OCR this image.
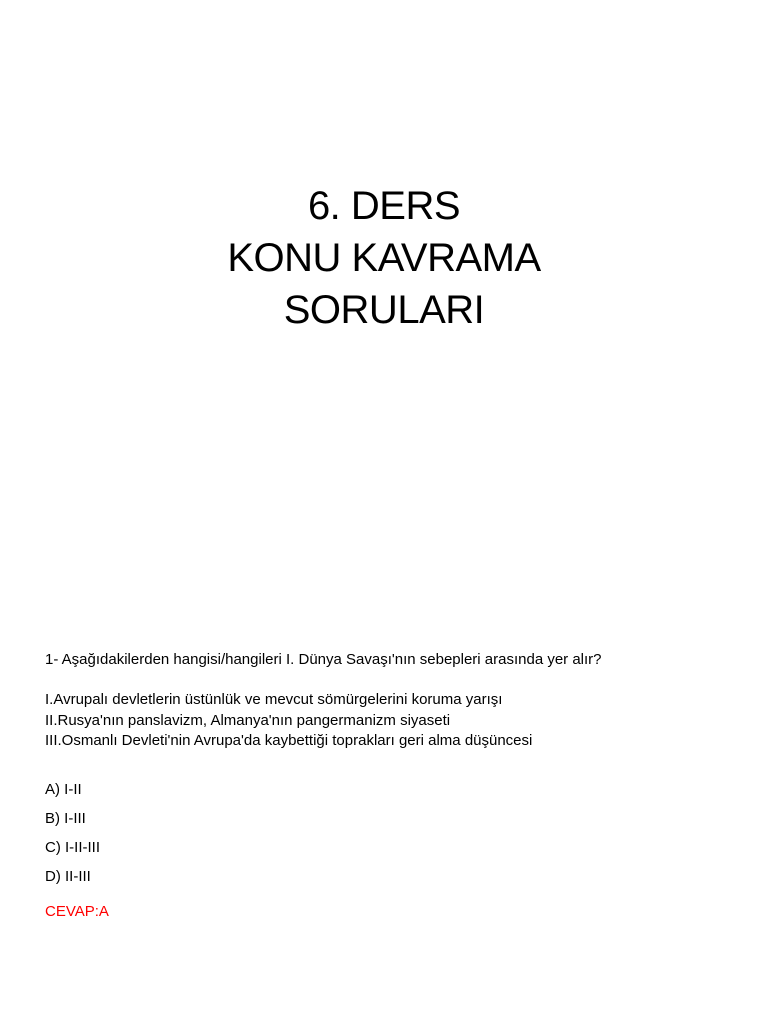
6. DERS
KONU KAVRAMA
SORULARI

1- Aşağıdakilerden hangisi/hangileri I. Dünya Savaşı'nın sebepleri arasında yer alır?

I.Avrupalı devletlerin üstünlük ve mevcut sömürgelerini koruma yarışı
II.Rusya'nın panslavizm, Almanya'nın pangermanizm siyaseti
III.Osmanlı Devleti'nin Avrupa'da kaybettiği toprakları geri alma düşüncesi
A) I-II
B) I-III
C) I-II-III
D) II-III
CEVAP:A
